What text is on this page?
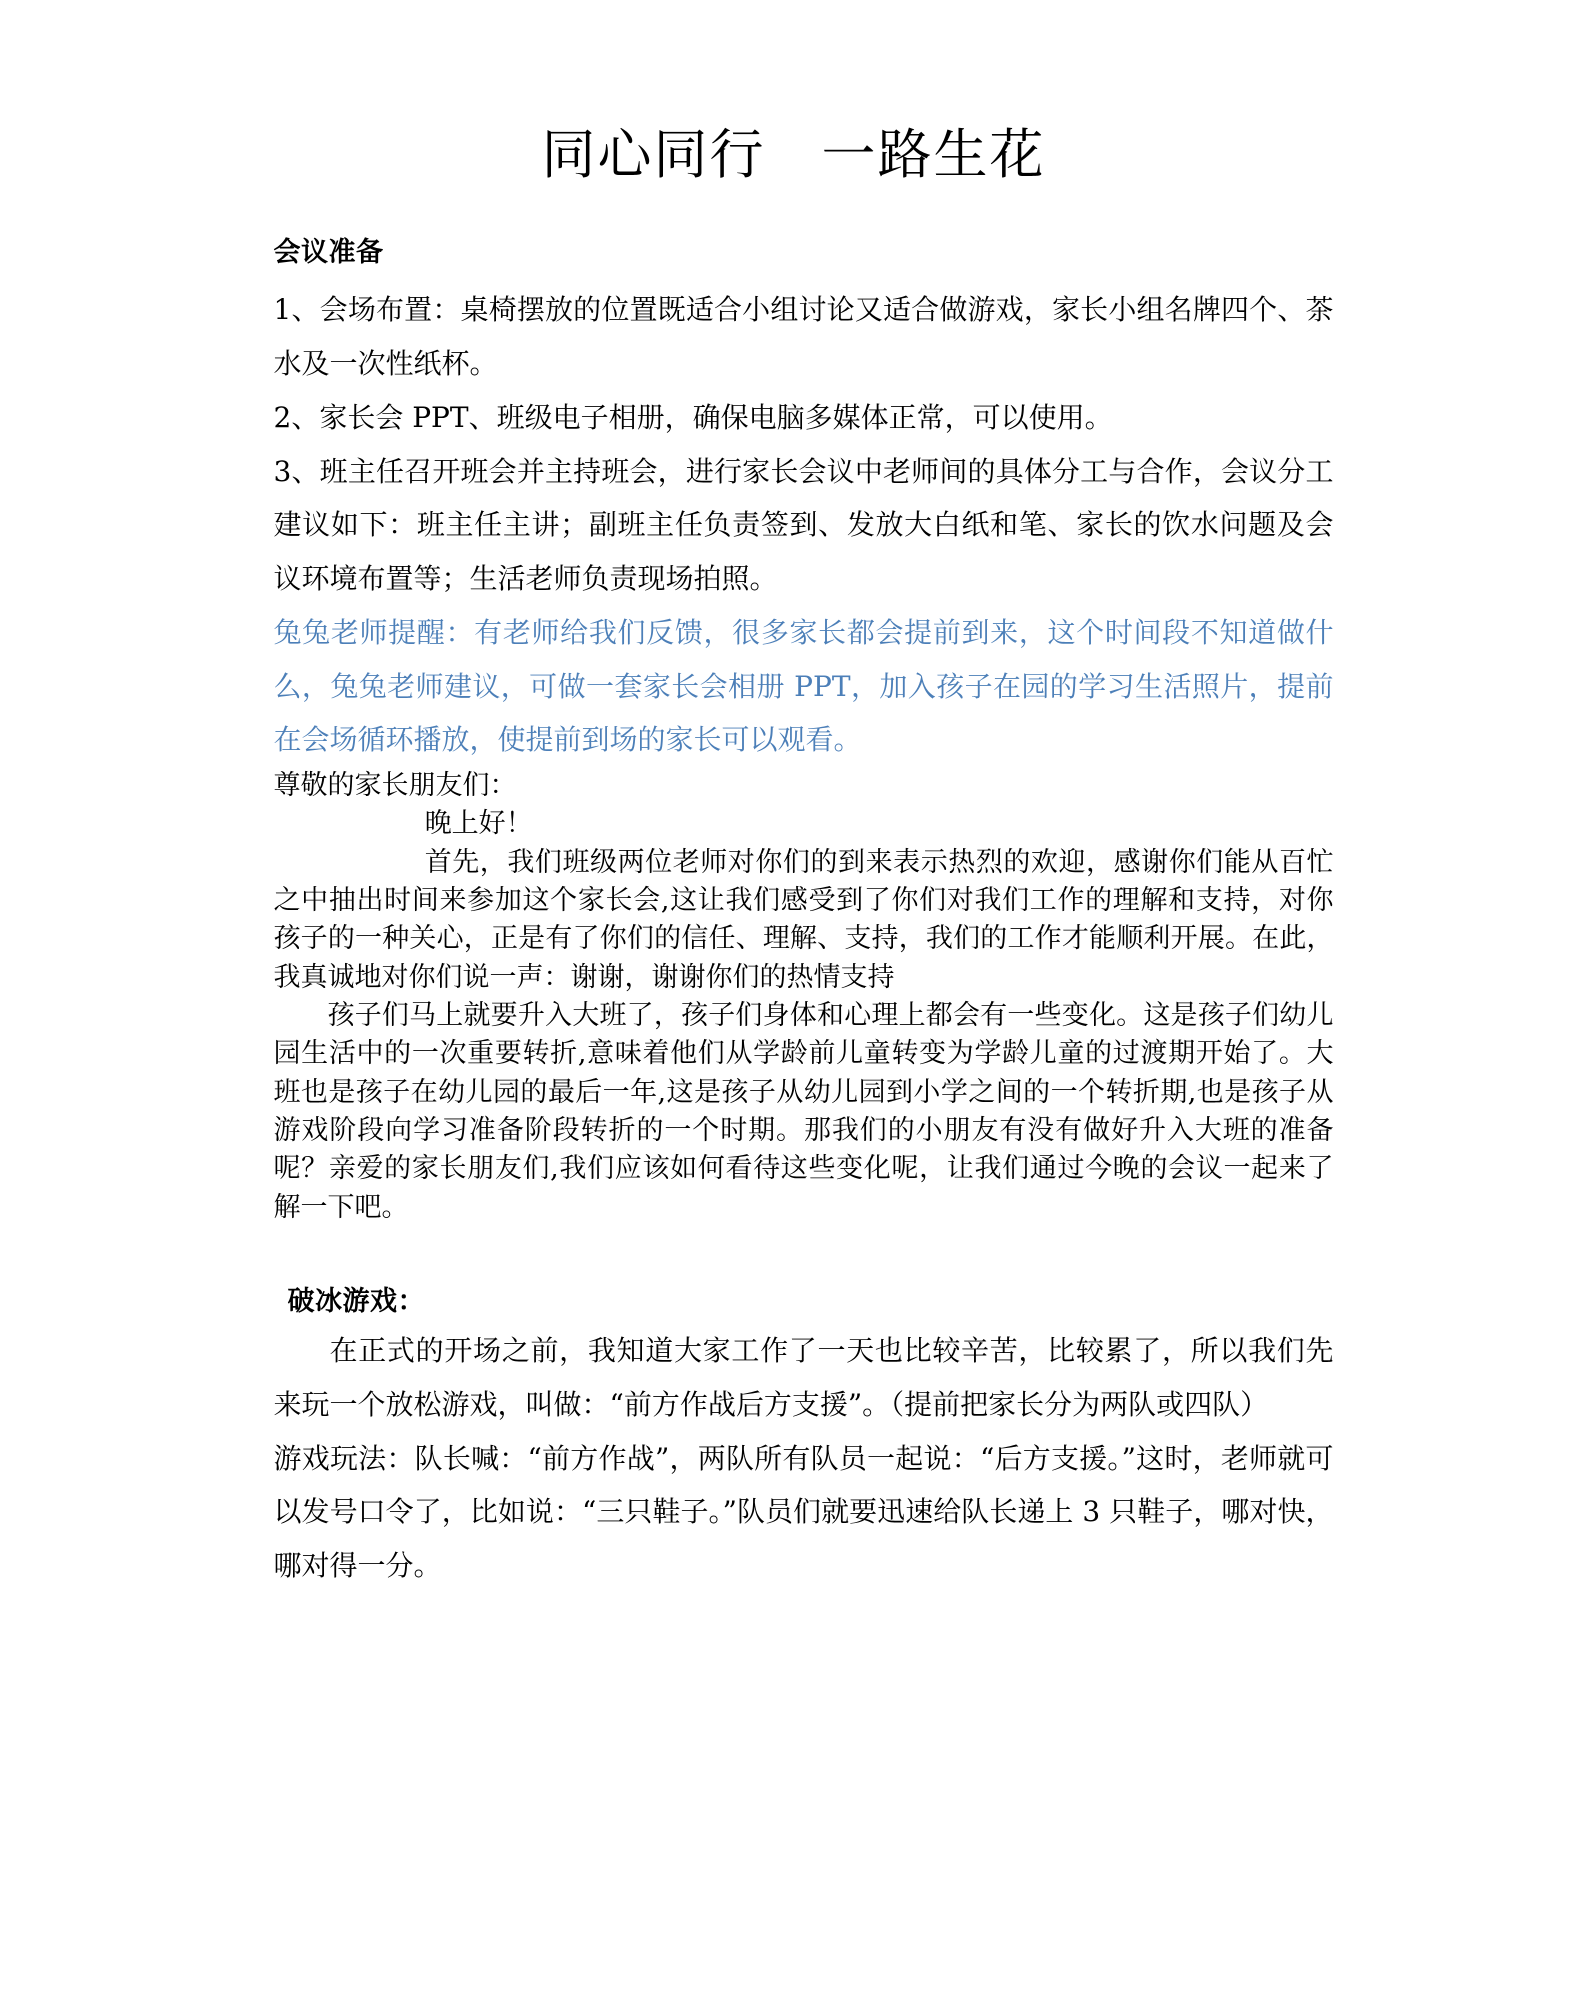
同心同行　一路生花
会议准备

1、会场布置：桌椅摆放的位置既适合小组讨论又适合做游戏，家长小组名牌四个、茶水及一次性纸杯。

2、家长会 PPT、班级电子相册，确保电脑多媒体正常，可以使用。

3、班主任召开班会并主持班会，进行家长会议中老师间的具体分工与合作，会议分工建议如下：班主任主讲；副班主任负责签到、发放大白纸和笔、家长的饮水问题及会议环境布置等；生活老师负责现场拍照。

兔兔老师提醒：有老师给我们反馈，很多家长都会提前到来，这个时间段不知道做什么，兔兔老师建议，可做一套家长会相册 PPT，加入孩子在园的学习生活照片，提前在会场循环播放，使提前到场的家长可以观看。

尊敬的家长朋友们：

晚上好！

首先，我们班级两位老师对你们的到来表示热烈的欢迎，感谢你们能从百忙之中抽出时间来参加这个家长会,这让我们感受到了你们对我们工作的理解和支持，对你孩子的一种关心，正是有了你们的信任、理解、支持，我们的工作才能顺利开展。在此，我真诚地对你们说一声：谢谢，谢谢你们的热情支持

孩子们马上就要升入大班了，孩子们身体和心理上都会有一些变化。这是孩子们幼儿园生活中的一次重要转折,意味着他们从学龄前儿童转变为学龄儿童的过渡期开始了。大班也是孩子在幼儿园的最后一年,这是孩子从幼儿园到小学之间的一个转折期,也是孩子从游戏阶段向学习准备阶段转折的一个时期。那我们的小朋友有没有做好升入大班的准备呢？亲爱的家长朋友们,我们应该如何看待这些变化呢，让我们通过今晚的会议一起来了解一下吧。

破冰游戏：

在正式的开场之前，我知道大家工作了一天也比较辛苦，比较累了，所以我们先来玩一个放松游戏，叫做：“前方作战后方支援”。（提前把家长分为两队或四队）

游戏玩法：队长喊：“前方作战”，两队所有队员一起说：“后方支援。”这时，老师就可以发号口令了，比如说：“三只鞋子。”队员们就要迅速给队长递上 3 只鞋子，哪对快，哪对得一分。
